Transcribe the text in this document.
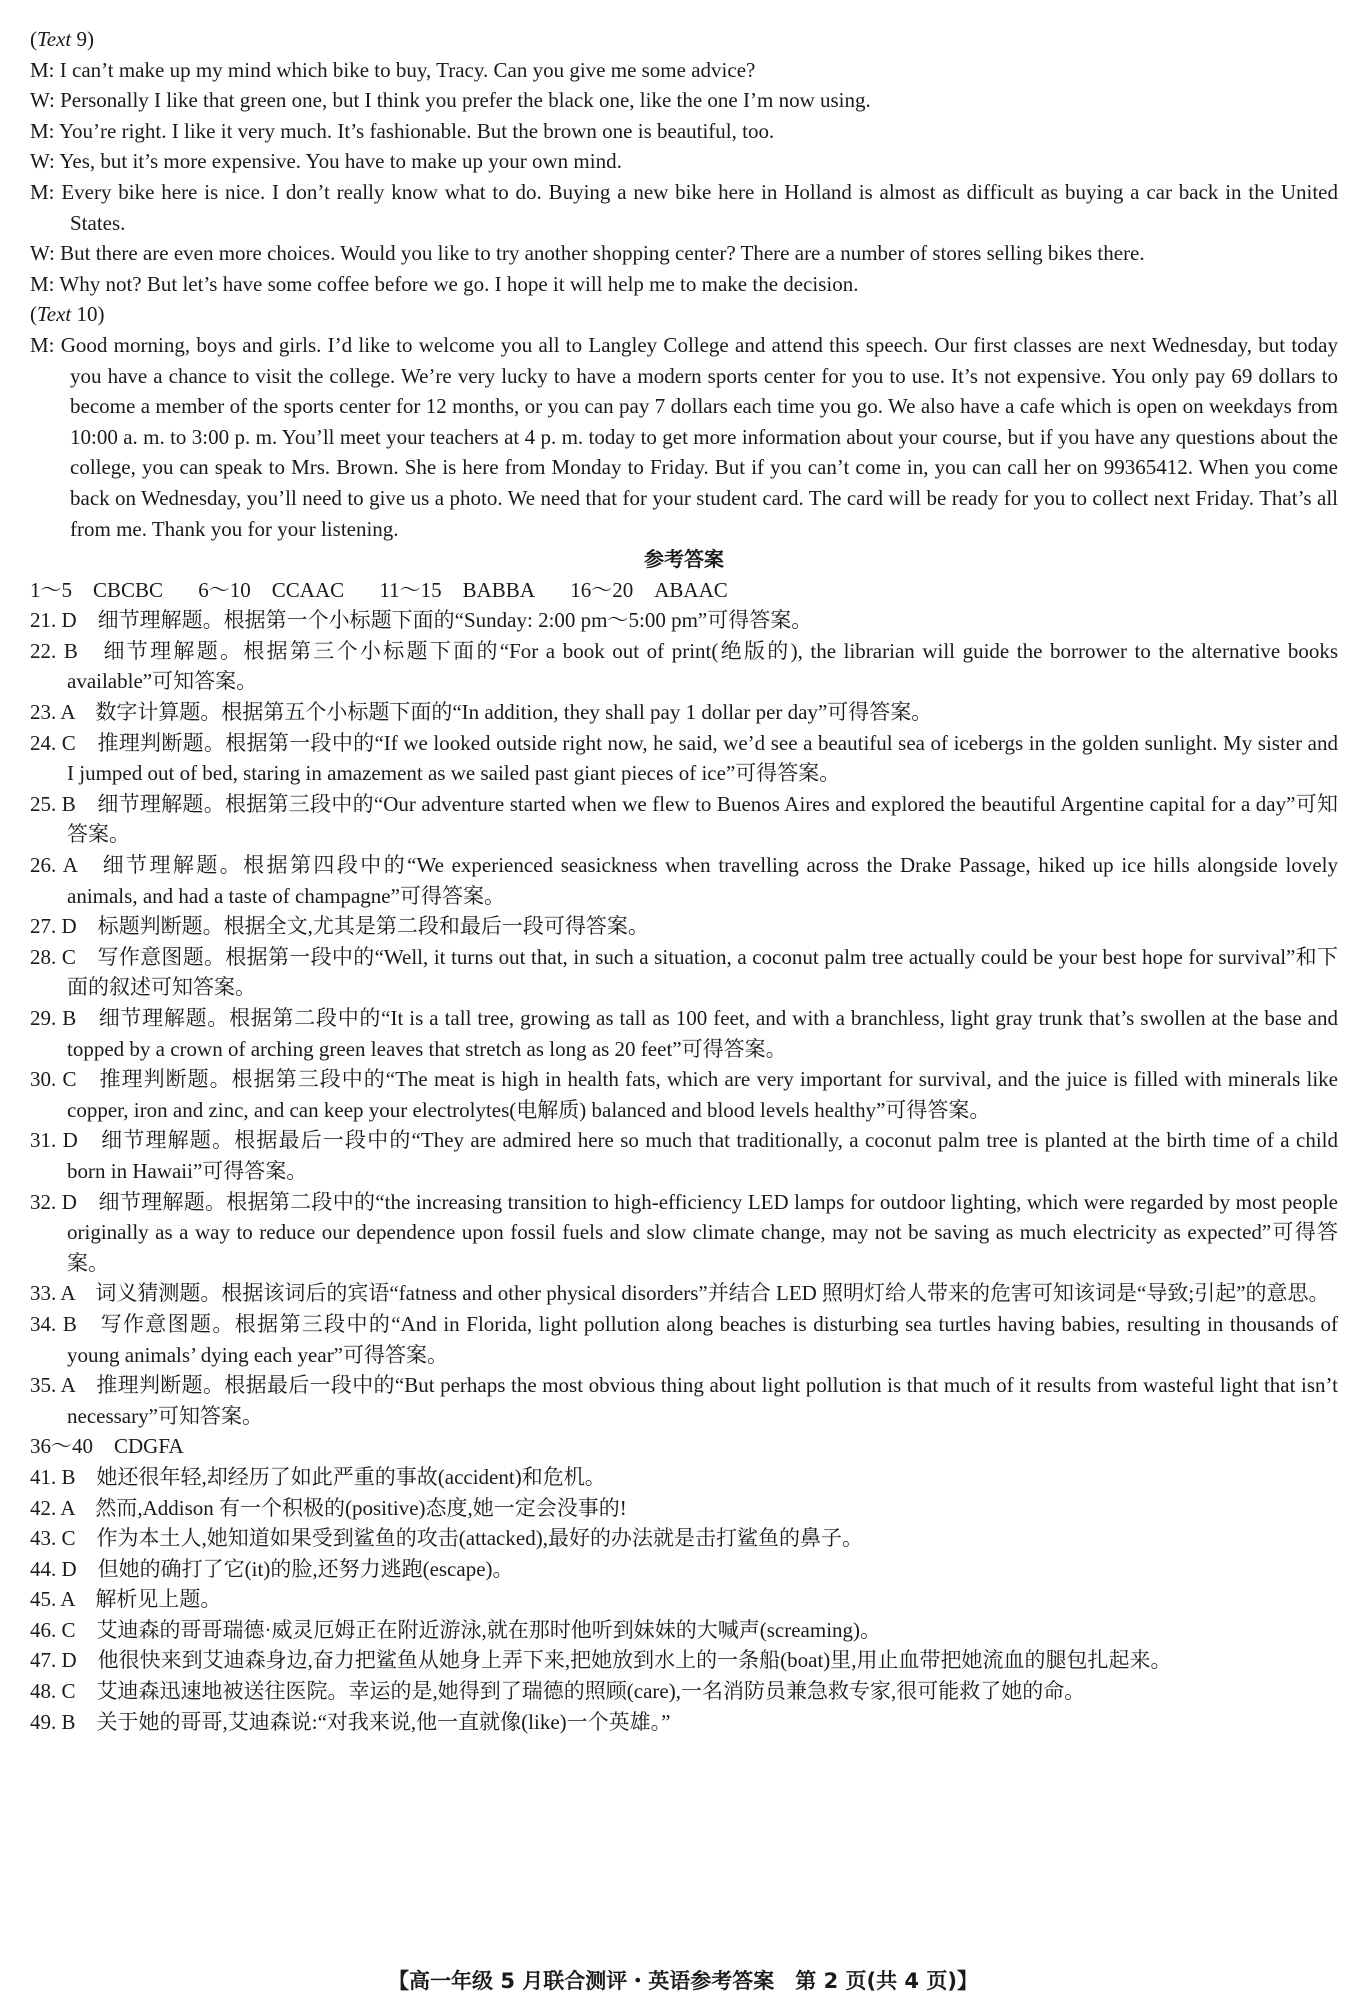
(Text 9)

M: I can’t make up my mind which bike to buy, Tracy. Can you give me some advice?

W: Personally I like that green one, but I think you prefer the black one, like the one I’m now using.

M: You’re right. I like it very much. It’s fashionable. But the brown one is beautiful, too.

W: Yes, but it’s more expensive. You have to make up your own mind.

M: Every bike here is nice. I don’t really know what to do. Buying a new bike here in Holland is almost as difficult as buying a car back in the United States.

W: But there are even more choices. Would you like to try another shopping center? There are a number of stores selling bikes there.

M: Why not? But let’s have some coffee before we go. I hope it will help me to make the decision.

(Text 10)

M: Good morning, boys and girls. I’d like to welcome you all to Langley College and attend this speech. Our first classes are next Wednesday, but today you have a chance to visit the college. We’re very lucky to have a modern sports center for you to use. It’s not expensive. You only pay 69 dollars to become a member of the sports center for 12 months, or you can pay 7 dollars each time you go. We also have a cafe which is open on weekdays from 10:00 a. m. to 3:00 p. m. You’ll meet your teachers at 4 p. m. today to get more information about your course, but if you have any questions about the college, you can speak to Mrs. Brown. She is here from Monday to Friday. But if you can’t come in, you can call her on 99365412. When you come back on Wednesday, you’ll need to give us a photo. We need that for your student card. The card will be ready for you to collect next Friday. That’s all from me. Thank you for your listening.

参考答案

1～5　CBCBC 6～10　CCAAC 11～15　BABBA 16～20　ABAAC

21. D　细节理解题。根据第一个小标题下面的“Sunday: 2:00 pm～5:00 pm”可得答案。

22. B　细节理解题。根据第三个小标题下面的“For a book out of print(绝版的), the librarian will guide the borrower to the alternative books available”可知答案。

23. A　数字计算题。根据第五个小标题下面的“In addition, they shall pay 1 dollar per day”可得答案。

24. C　推理判断题。根据第一段中的“If we looked outside right now, he said, we’d see a beautiful sea of icebergs in the golden sunlight. My sister and I jumped out of bed, staring in amazement as we sailed past giant pieces of ice”可得答案。

25. B　细节理解题。根据第三段中的“Our adventure started when we flew to Buenos Aires and explored the beautiful Argentine capital for a day”可知答案。

26. A　细节理解题。根据第四段中的“We experienced seasickness when travelling across the Drake Passage, hiked up ice hills alongside lovely animals, and had a taste of champagne”可得答案。

27. D　标题判断题。根据全文,尤其是第二段和最后一段可得答案。

28. C　写作意图题。根据第一段中的“Well, it turns out that, in such a situation, a coconut palm tree actually could be your best hope for survival”和下面的叙述可知答案。

29. B　细节理解题。根据第二段中的“It is a tall tree, growing as tall as 100 feet, and with a branchless, light gray trunk that’s swollen at the base and topped by a crown of arching green leaves that stretch as long as 20 feet”可得答案。

30. C　推理判断题。根据第三段中的“The meat is high in health fats, which are very important for survival, and the juice is filled with minerals like copper, iron and zinc, and can keep your electrolytes(电解质) balanced and blood levels healthy”可得答案。

31. D　细节理解题。根据最后一段中的“They are admired here so much that traditionally, a coconut palm tree is planted at the birth time of a child born in Hawaii”可得答案。

32. D　细节理解题。根据第二段中的“the increasing transition to high-efficiency LED lamps for outdoor lighting, which were regarded by most people originally as a way to reduce our dependence upon fossil fuels and slow climate change, may not be saving as much electricity as expected”可得答案。

33. A　词义猜测题。根据该词后的宾语“fatness and other physical disorders”并结合 LED 照明灯给人带来的危害可知该词是“导致;引起”的意思。

34. B　写作意图题。根据第三段中的“And in Florida, light pollution along beaches is disturbing sea turtles having babies, resulting in thousands of young animals’ dying each year”可得答案。

35. A　推理判断题。根据最后一段中的“But perhaps the most obvious thing about light pollution is that much of it results from wasteful light that isn’t necessary”可知答案。

36～40　CDGFA

41. B　她还很年轻,却经历了如此严重的事故(accident)和危机。

42. A　然而,Addison 有一个积极的(positive)态度,她一定会没事的!

43. C　作为本土人,她知道如果受到鲨鱼的攻击(attacked),最好的办法就是击打鲨鱼的鼻子。

44. D　但她的确打了它(it)的脸,还努力逃跑(escape)。

45. A　解析见上题。

46. C　艾迪森的哥哥瑞德·威灵厄姆正在附近游泳,就在那时他听到妹妹的大喊声(screaming)。

47. D　他很快来到艾迪森身边,奋力把鲨鱼从她身上弄下来,把她放到水上的一条船(boat)里,用止血带把她流血的腿包扎起来。

48. C　艾迪森迅速地被送往医院。幸运的是,她得到了瑞德的照顾(care),一名消防员兼急救专家,很可能救了她的命。

49. B　关于她的哥哥,艾迪森说:“对我来说,他一直就像(like)一个英雄。”

【高一年级 5 月联合测评・英语参考答案　第 2 页(共 4 页)】
